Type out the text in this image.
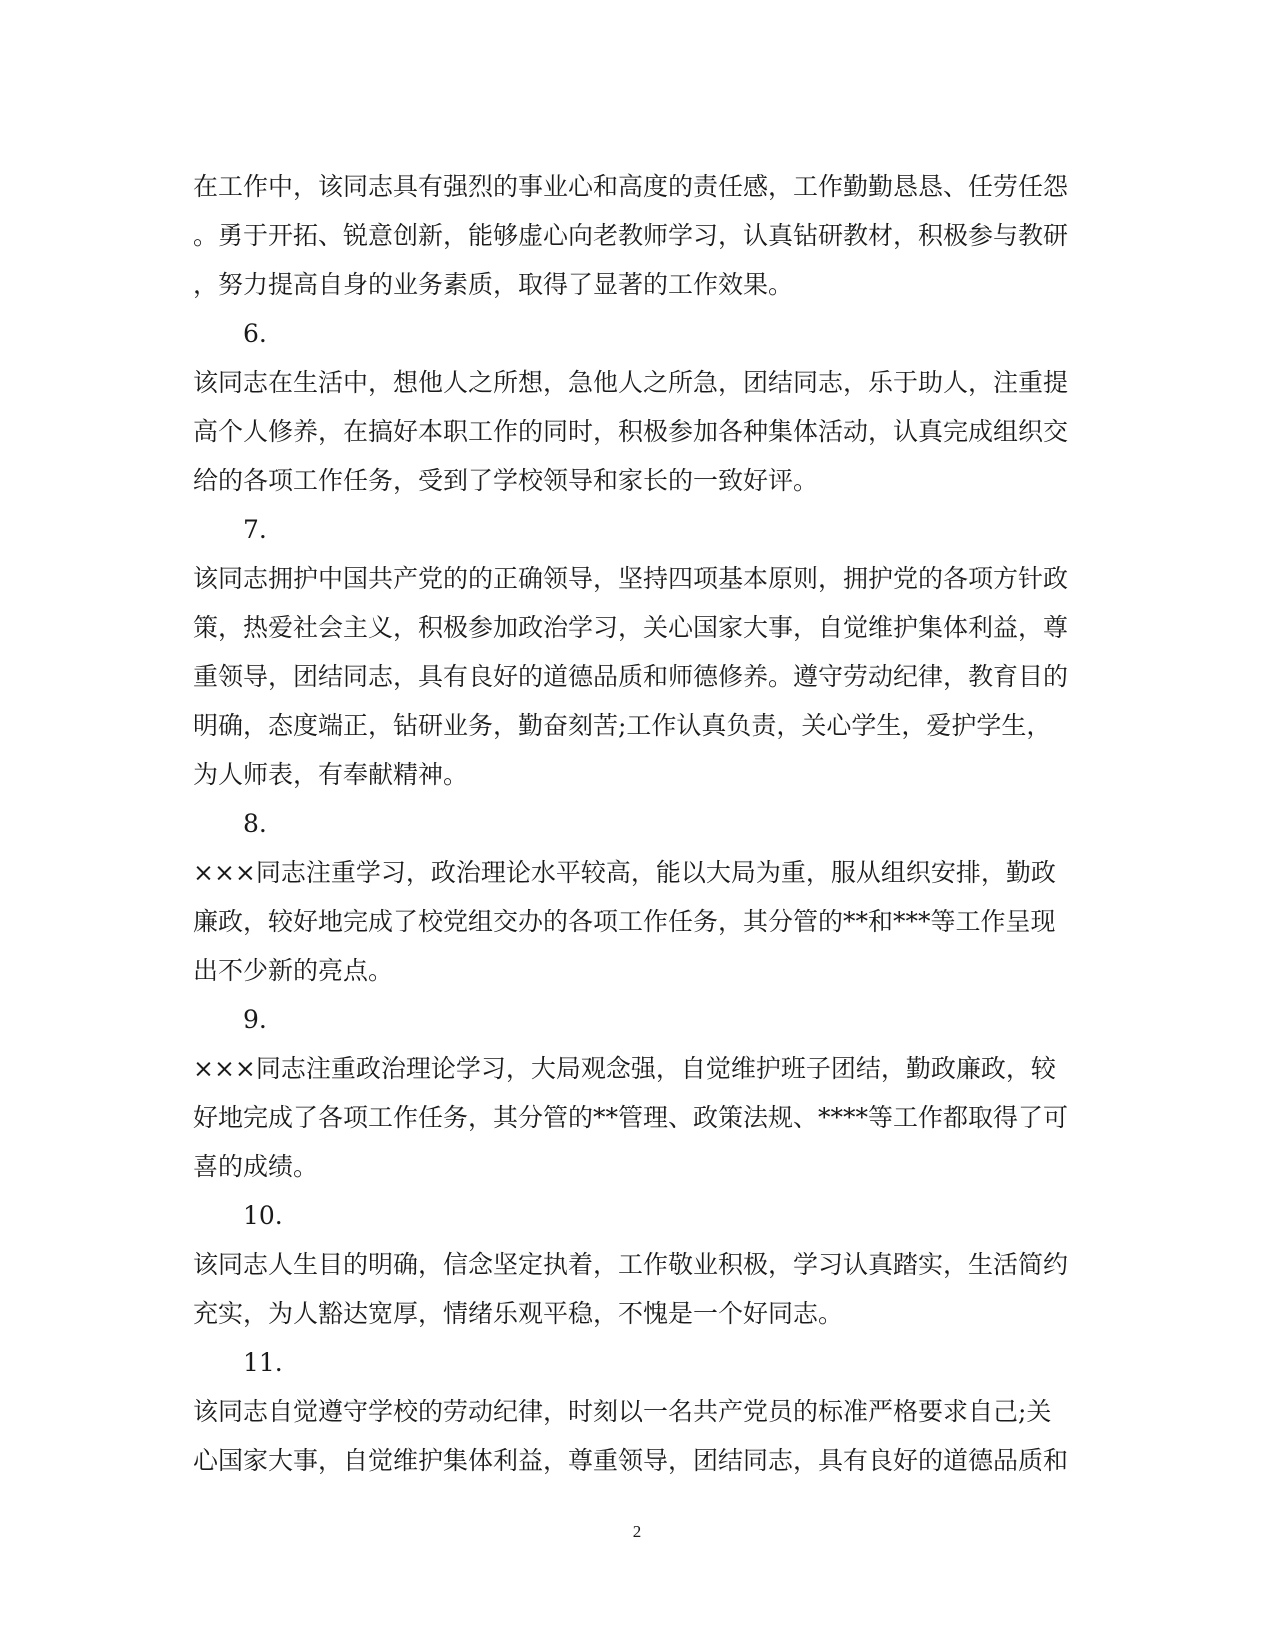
在工作中，该同志具有强烈的事业心和高度的责任感，工作勤勤恳恳、任劳任怨
。勇于开拓、锐意创新，能够虚心向老教师学习，认真钻研教材，积极参与教研
，努力提高自身的业务素质，取得了显著的工作效果。
6.
该同志在生活中，想他人之所想，急他人之所急，团结同志，乐于助人，注重提
高个人修养，在搞好本职工作的同时，积极参加各种集体活动，认真完成组织交
给的各项工作任务，受到了学校领导和家长的一致好评。
7.
该同志拥护中国共产党的的正确领导，坚持四项基本原则，拥护党的各项方针政
策，热爱社会主义，积极参加政治学习，关心国家大事，自觉维护集体利益，尊
重领导，团结同志，具有良好的道德品质和师德修养。遵守劳动纪律，教育目的
明确，态度端正，钻研业务，勤奋刻苦;工作认真负责，关心学生，爱护学生，
为人师表，有奉献精神。
8.
×××同志注重学习，政治理论水平较高，能以大局为重，服从组织安排，勤政
廉政，较好地完成了校党组交办的各项工作任务，其分管的**和***等工作呈现
出不少新的亮点。
9.
×××同志注重政治理论学习，大局观念强，自觉维护班子团结，勤政廉政，较
好地完成了各项工作任务，其分管的**管理、政策法规、****等工作都取得了可
喜的成绩。
10.
该同志人生目的明确，信念坚定执着，工作敬业积极，学习认真踏实，生活简约
充实，为人豁达宽厚，情绪乐观平稳，不愧是一个好同志。
11.
该同志自觉遵守学校的劳动纪律，时刻以一名共产党员的标准严格要求自己;关
心国家大事，自觉维护集体利益，尊重领导，团结同志，具有良好的道德品质和
2
